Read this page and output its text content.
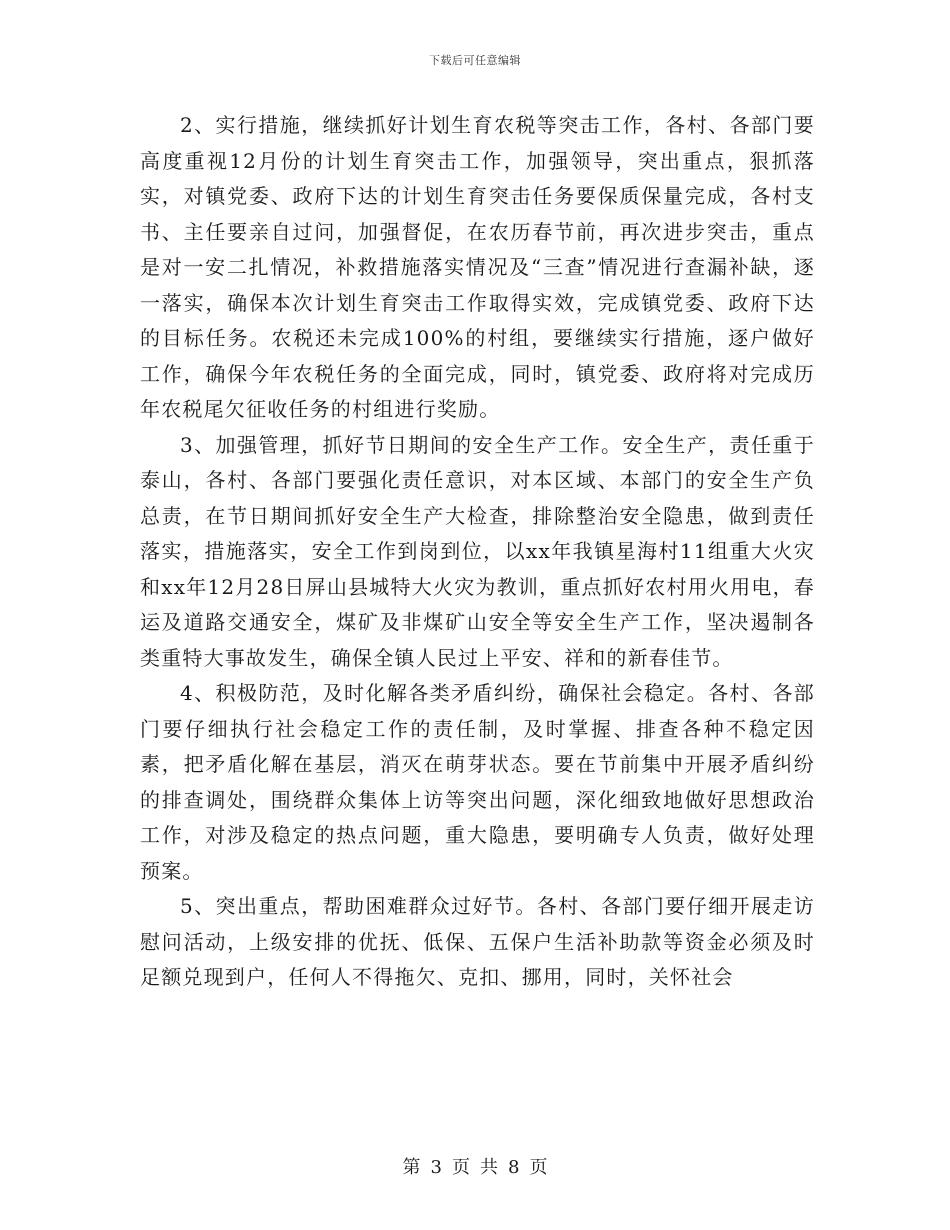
下载后可任意编辑

2、实行措施，继续抓好计划生育农税等突击工作，各村、各部门要高度重视12月份的计划生育突击工作，加强领导，突出重点，狠抓落实，对镇党委、政府下达的计划生育突击任务要保质保量完成，各村支书、主任要亲自过问，加强督促，在农历春节前，再次进步突击，重点是对一安二扎情况，补救措施落实情况及“三查”情况进行查漏补缺，逐一落实，确保本次计划生育突击工作取得实效，完成镇党委、政府下达的目标任务。农税还未完成100%的村组，要继续实行措施，逐户做好工作，确保今年农税任务的全面完成，同时，镇党委、政府将对完成历年农税尾欠征收任务的村组进行奖励。

3、加强管理，抓好节日期间的安全生产工作。安全生产，责任重于泰山，各村、各部门要强化责任意识，对本区域、本部门的安全生产负总责，在节日期间抓好安全生产大检查，排除整治安全隐患，做到责任落实，措施落实，安全工作到岗到位，以xx年我镇星海村11组重大火灾和xx年12月28日屏山县城特大火灾为教训，重点抓好农村用火用电，春运及道路交通安全，煤矿及非煤矿山安全等安全生产工作，坚决遏制各类重特大事故发生，确保全镇人民过上平安、祥和的新春佳节。

4、积极防范，及时化解各类矛盾纠纷，确保社会稳定。各村、各部门要仔细执行社会稳定工作的责任制，及时掌握、排查各种不稳定因素，把矛盾化解在基层，消灭在萌芽状态。要在节前集中开展矛盾纠纷的排查调处，围绕群众集体上访等突出问题，深化细致地做好思想政治工作，对涉及稳定的热点问题，重大隐患，要明确专人负责，做好处理预案。

5、突出重点，帮助困难群众过好节。各村、各部门要仔细开展走访慰问活动，上级安排的优抚、低保、五保户生活补助款等资金必须及时足额兑现到户，任何人不得拖欠、克扣、挪用，同时，关怀社会

第 3 页 共 8 页
